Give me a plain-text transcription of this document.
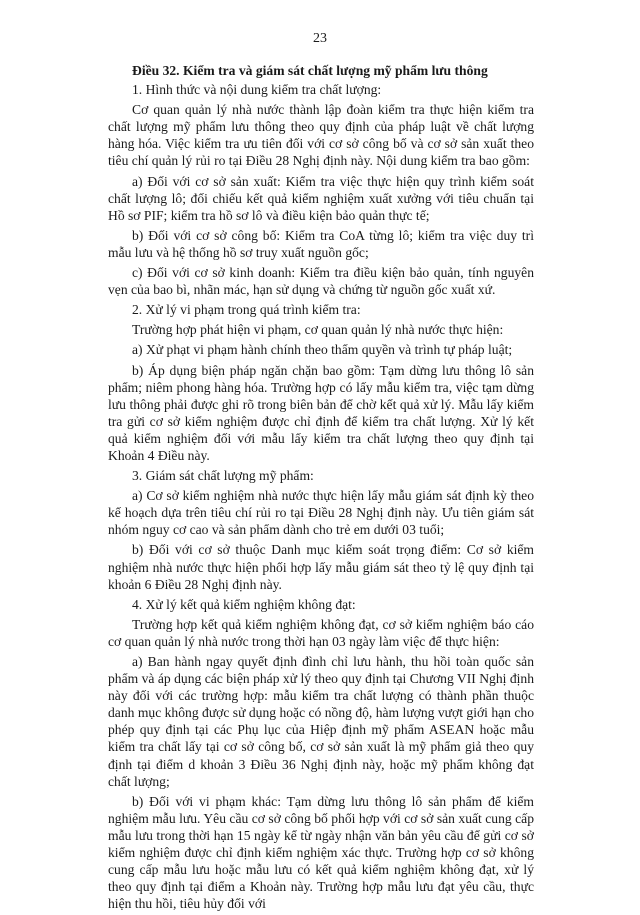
23

Điều 32. Kiểm tra và giám sát chất lượng mỹ phẩm lưu thông

1. Hình thức và nội dung kiểm tra chất lượng:

Cơ quan quản lý nhà nước thành lập đoàn kiểm tra thực hiện kiểm tra chất lượng mỹ phẩm lưu thông theo quy định của pháp luật về chất lượng hàng hóa. Việc kiểm tra ưu tiên đối với cơ sở công bố và cơ sở sản xuất theo tiêu chí quản lý rủi ro tại Điều 28 Nghị định này. Nội dung kiểm tra bao gồm:

a) Đối với cơ sở sản xuất: Kiểm tra việc thực hiện quy trình kiểm soát chất lượng lô; đối chiếu kết quả kiểm nghiệm xuất xưởng với tiêu chuẩn tại Hồ sơ PIF; kiểm tra hồ sơ lô và điều kiện bảo quản thực tế;

b) Đối với cơ sở công bố: Kiểm tra CoA từng lô; kiểm tra việc duy trì mẫu lưu và hệ thống hồ sơ truy xuất nguồn gốc;

c) Đối với cơ sở kinh doanh: Kiểm tra điều kiện bảo quản, tính nguyên vẹn của bao bì, nhãn mác, hạn sử dụng và chứng từ nguồn gốc xuất xứ.

2. Xử lý vi phạm trong quá trình kiểm tra:

Trường hợp phát hiện vi phạm, cơ quan quản lý nhà nước thực hiện:

a) Xử phạt vi phạm hành chính theo thẩm quyền và trình tự pháp luật;

b) Áp dụng biện pháp ngăn chặn bao gồm: Tạm dừng lưu thông lô sản phẩm; niêm phong hàng hóa. Trường hợp có lấy mẫu kiểm tra, việc tạm dừng lưu thông phải được ghi rõ trong biên bản để chờ kết quả xử lý. Mẫu lấy kiểm tra gửi cơ sở kiểm nghiệm được chỉ định để kiểm tra chất lượng. Xử lý kết quả kiểm nghiệm đối với mẫu lấy kiểm tra chất lượng theo quy định tại Khoản 4 Điều này.

3. Giám sát chất lượng mỹ phẩm:

a) Cơ sở kiểm nghiệm nhà nước thực hiện lấy mẫu giám sát định kỳ theo kế hoạch dựa trên tiêu chí rủi ro tại Điều 28 Nghị định này. Ưu tiên giám sát nhóm nguy cơ cao và sản phẩm dành cho trẻ em dưới 03 tuổi;

b) Đối với cơ sở thuộc Danh mục kiểm soát trọng điểm: Cơ sở kiểm nghiệm nhà nước thực hiện phối hợp lấy mẫu giám sát theo tỷ lệ quy định tại khoản 6 Điều 28 Nghị định này.

4. Xử lý kết quả kiểm nghiệm không đạt:

Trường hợp kết quả kiểm nghiệm không đạt, cơ sở kiểm nghiệm báo cáo cơ quan quản lý nhà nước trong thời hạn 03 ngày làm việc để thực hiện:

a) Ban hành ngay quyết định đình chỉ lưu hành, thu hồi toàn quốc sản phẩm và áp dụng các biện pháp xử lý theo quy định tại Chương VII Nghị định này đối với các trường hợp: mẫu kiểm tra chất lượng có thành phần thuộc danh mục không được sử dụng hoặc có nồng độ, hàm lượng vượt giới hạn cho phép quy định tại các Phụ lục của Hiệp định mỹ phẩm ASEAN hoặc mẫu kiểm tra chất lấy tại cơ sở công bố, cơ sở sản xuất là mỹ phẩm giả theo quy định tại điểm d khoản 3 Điều 36 Nghị định này, hoặc mỹ phẩm không đạt chất lượng;

b) Đối với vi phạm khác: Tạm dừng lưu thông lô sản phẩm để kiểm nghiệm mẫu lưu. Yêu cầu cơ sở công bố phối hợp với cơ sở sản xuất cung cấp mẫu lưu trong thời hạn 15 ngày kể từ ngày nhận văn bản yêu cầu để gửi cơ sở kiểm nghiệm được chỉ định kiểm nghiệm xác thực. Trường hợp cơ sở không cung cấp mẫu lưu hoặc mẫu lưu có kết quả kiểm nghiệm không đạt, xử lý theo quy định tại điểm a Khoản này. Trường hợp mẫu lưu đạt yêu cầu, thực hiện thu hồi, tiêu hủy đối với
